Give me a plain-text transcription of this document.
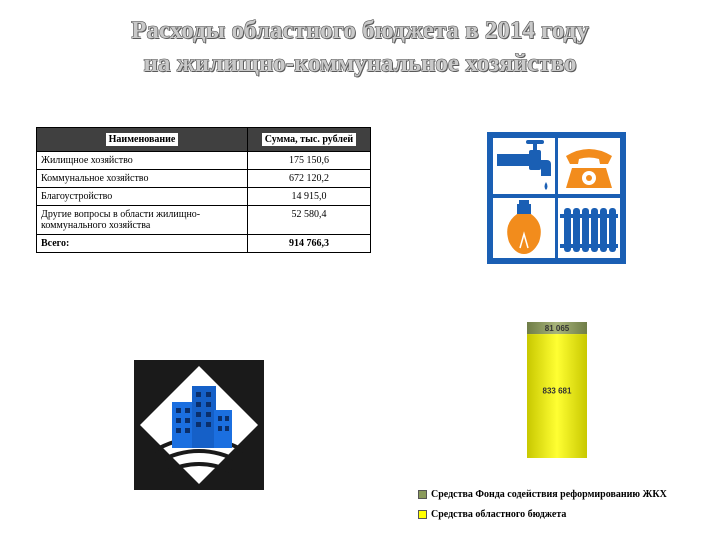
Расходы областного бюджета в 2014 году
на жилищно-коммунальное хозяйство
Наименование	Сумма, тыс. рублей
Жилищное хозяйство	175 150,6
Коммунальное хозяйство	672 120,2
Благоустройство	14 915,0
Другие вопросы в области жилищно-коммунального хозяйства	52 580,4
Всего:	914 766,3
81 065
833 681
Средства Фонда содействия реформированию ЖКХ
Средства областного бюджета
